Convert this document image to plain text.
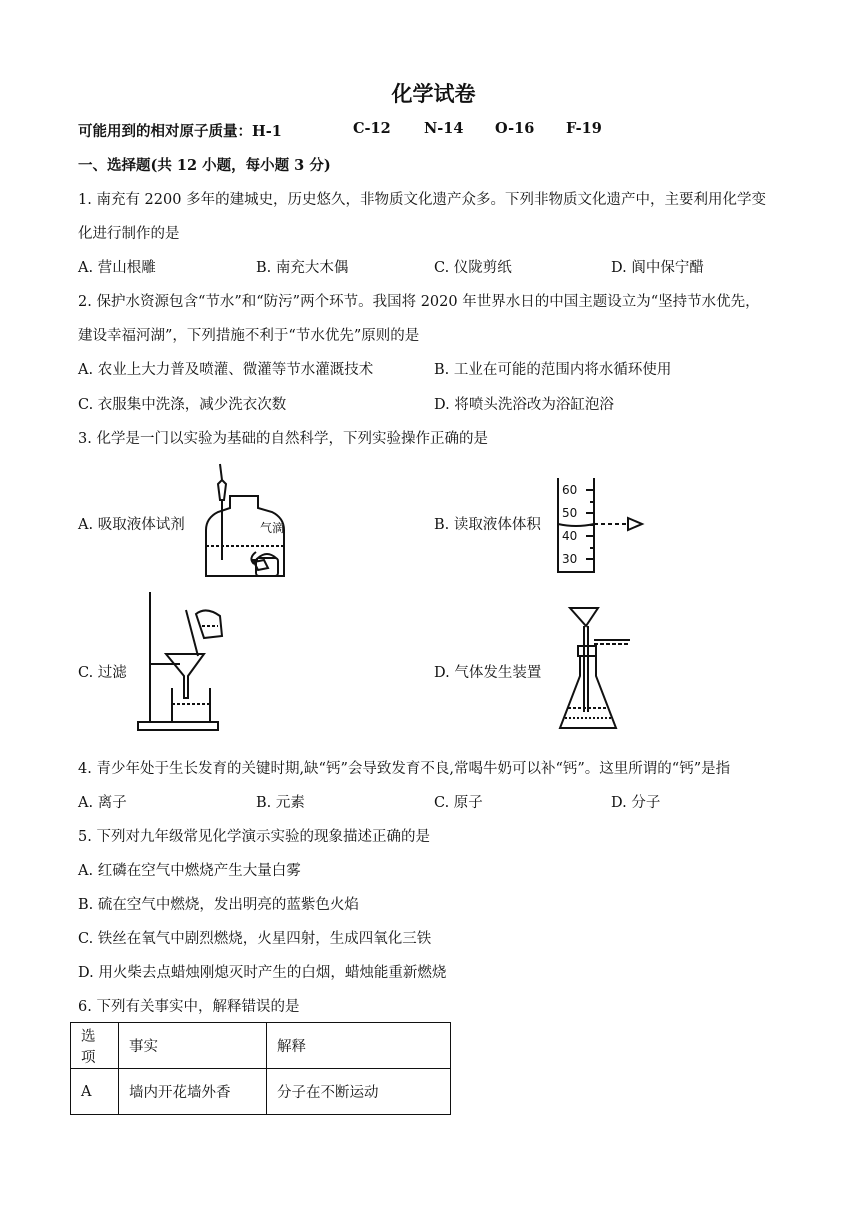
化学试卷
可能用到的相对原子质量：H-1	C-12 N-14 O-16 F-19
一、选择题(共 12 小题，每小题 3 分)
1. 南充有 2200 多年的建城史，历史悠久，非物质文化遗产众多。下列非物质文化遗产中，主要利用化学变
化进行制作的是
A. 营山根雕	B. 南充大木偶	C. 仪陇剪纸	D. 阆中保宁醋
2. 保护水资源包含“节水”和“防污”两个环节。我国将 2020 年世界水日的中国主题设立为“坚持节水优先，
建设幸福河湖”，下列措施不利于“节水优先”原则的是
A. 农业上大力普及喷灌、微灌等节水灌溉技术	B. 工业在可能的范围内将水循环使用
C. 衣服集中洗涤，减少洗衣次数	D. 将喷头洗浴改为浴缸泡浴
3. 化学是一门以实验为基础的自然科学，下列实验操作正确的是
A. 吸取液体试剂	B. 读取液体体积
C. 过滤	D. 气体发生装置
气滴
60
50
40
30
4. 青少年处于生长发育的关键时期,缺“钙”会导致发育不良,常喝牛奶可以补“钙”。这里所谓的“钙”是指
A. 离子	B. 元素	C. 原子	D. 分子
5. 下列对九年级常见化学演示实验的现象描述正确的是
A. 红磷在空气中燃烧产生大量白雾
B. 硫在空气中燃烧，发出明亮的蓝紫色火焰
C. 铁丝在氧气中剧烈燃烧，火星四射，生成四氧化三铁
D. 用火柴去点蜡烛刚熄灭时产生的白烟，蜡烛能重新燃烧
6. 下列有关事实中，解释错误的是
选项	事实	解释
A	墙内开花墙外香	分子在不断运动
